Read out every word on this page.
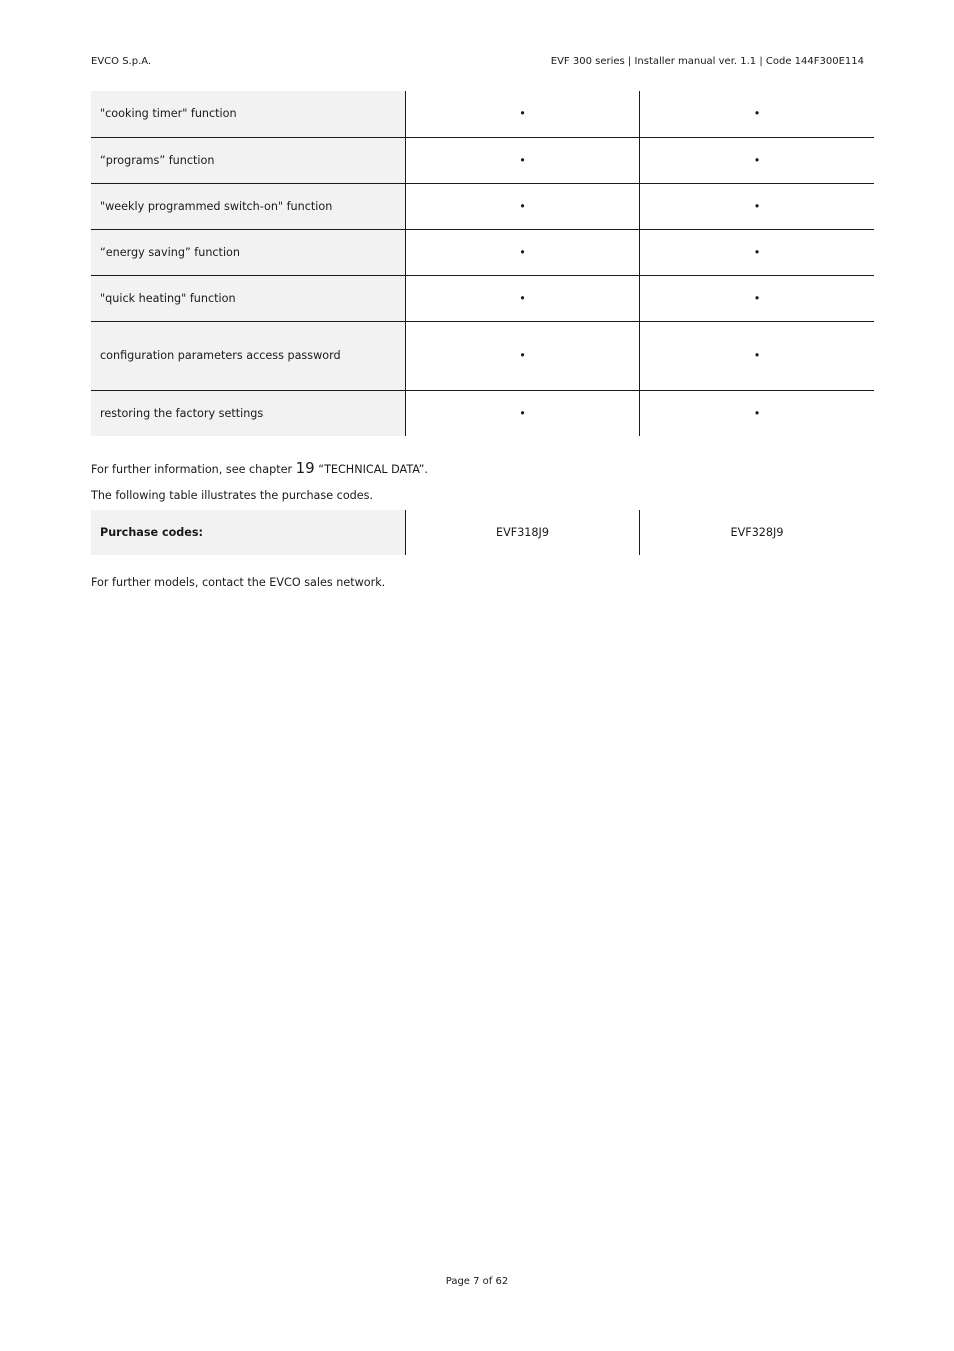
EVCO S.p.A.	EVF 300 series | Installer manual ver. 1.1 | Code 144F300E114
"cooking timer" function	•	•
“programs” function	•	•
"weekly programmed switch-on" function	•	•
“energy saving” function	•	•
"quick heating" function	•	•
configuration parameters access password	•	•
restoring the factory settings	•	•
For further information, see chapter 19 “TECHNICAL DATA”.
The following table illustrates the purchase codes.
Purchase codes:	EVF318J9	EVF328J9
For further models, contact the EVCO sales network.
Page 7 of 62
